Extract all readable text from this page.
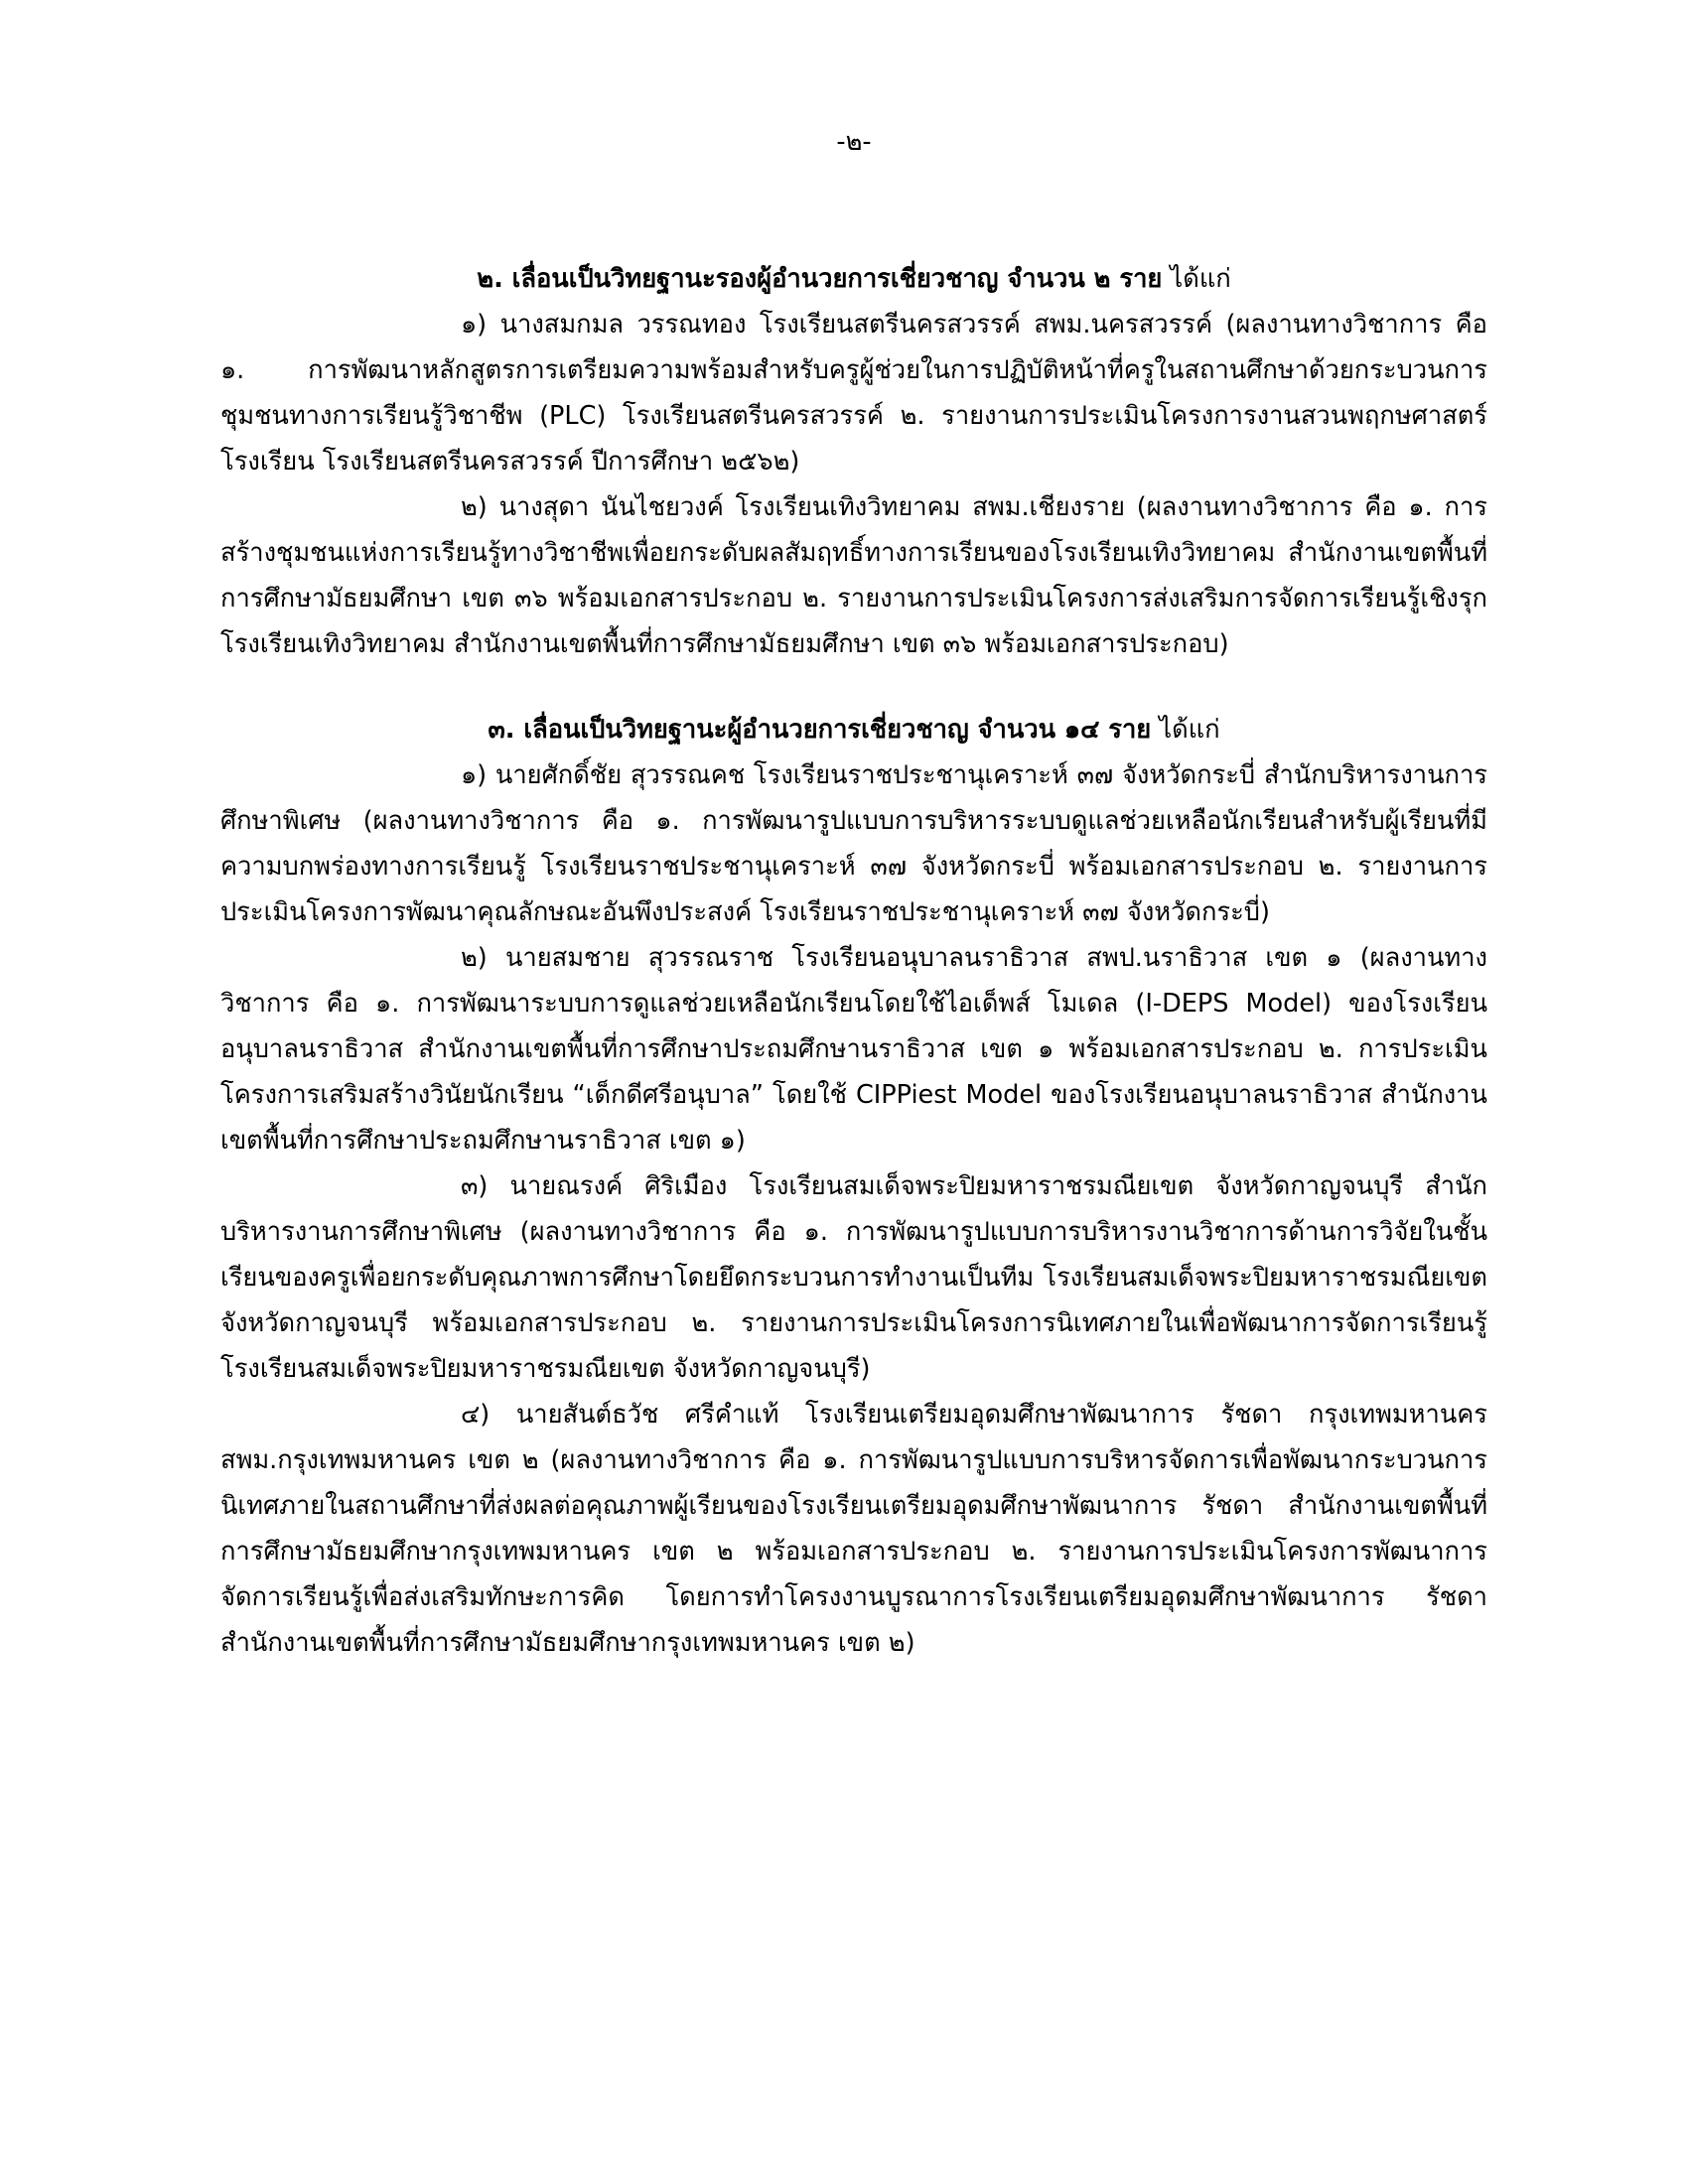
-๒-
๒. เลื่อนเป็นวิทยฐานะรองผู้อำนวยการเชี่ยวชาญ จำนวน ๒ ราย ได้แก่

๑) นางสมกมล วรรณทอง โรงเรียนสตรีนครสวรรค์ สพม.นครสวรรค์ (ผลงานทางวิชาการ คือ ๑. การพัฒนาหลักสูตรการเตรียมความพร้อมสำหรับครูผู้ช่วยในการปฏิบัติหน้าที่ครูในสถานศึกษาด้วยกระบวนการชุมชนทางการเรียนรู้วิชาชีพ (PLC) โรงเรียนสตรีนครสวรรค์ ๒. รายงานการประเมินโครงการงานสวนพฤกษศาสตร์โรงเรียน โรงเรียนสตรีนครสวรรค์ ปีการศึกษา ๒๕๖๒)

๒) นางสุดา นันไชยวงค์ โรงเรียนเทิงวิทยาคม สพม.เชียงราย (ผลงานทางวิชาการ คือ ๑. การสร้างชุมชนแห่งการเรียนรู้ทางวิชาชีพเพื่อยกระดับผลสัมฤทธิ์ทางการเรียนของโรงเรียนเทิงวิทยาคม สำนักงานเขตพื้นที่การศึกษามัธยมศึกษา เขต ๓๖ พร้อมเอกสารประกอบ ๒. รายงานการประเมินโครงการส่งเสริมการจัดการเรียนรู้เชิงรุกโรงเรียนเทิงวิทยาคม สำนักงานเขตพื้นที่การศึกษามัธยมศึกษา เขต ๓๖ พร้อมเอกสารประกอบ)

๓. เลื่อนเป็นวิทยฐานะผู้อำนวยการเชี่ยวชาญ จำนวน ๑๔ ราย ได้แก่

๑) นายศักดิ์ชัย สุวรรณคช โรงเรียนราชประชานุเคราะห์ ๓๗ จังหวัดกระบี่ สำนักบริหารงานการศึกษาพิเศษ (ผลงานทางวิชาการ คือ ๑. การพัฒนารูปแบบการบริหารระบบดูแลช่วยเหลือนักเรียนสำหรับผู้เรียนที่มีความบกพร่องทางการเรียนรู้ โรงเรียนราชประชานุเคราะห์ ๓๗ จังหวัดกระบี่ พร้อมเอกสารประกอบ ๒. รายงานการประเมินโครงการพัฒนาคุณลักษณะอันพึงประสงค์ โรงเรียนราชประชานุเคราะห์ ๓๗ จังหวัดกระบี่)

๒) นายสมชาย สุวรรณราช โรงเรียนอนุบาลนราธิวาส สพป.นราธิวาส เขต ๑ (ผลงานทางวิชาการ คือ ๑. การพัฒนาระบบการดูแลช่วยเหลือนักเรียนโดยใช้ไอเด็พส์ โมเดล (I-DEPS Model) ของโรงเรียนอนุบาลนราธิวาส สำนักงานเขตพื้นที่การศึกษาประถมศึกษานราธิวาส เขต ๑ พร้อมเอกสารประกอบ ๒. การประเมินโครงการเสริมสร้างวินัยนักเรียน “เด็กดีศรีอนุบาล” โดยใช้ CIPPiest Model ของโรงเรียนอนุบาลนราธิวาส สำนักงานเขตพื้นที่การศึกษาประถมศึกษานราธิวาส เขต ๑)

๓) นายณรงค์ ศิริเมือง โรงเรียนสมเด็จพระปิยมหาราชรมณียเขต จังหวัดกาญจนบุรี สำนักบริหารงานการศึกษาพิเศษ (ผลงานทางวิชาการ คือ ๑. การพัฒนารูปแบบการบริหารงานวิชาการด้านการวิจัยในชั้นเรียนของครูเพื่อยกระดับคุณภาพการศึกษาโดยยึดกระบวนการทำงานเป็นทีม โรงเรียนสมเด็จพระปิยมหาราชรมณียเขต จังหวัดกาญจนบุรี พร้อมเอกสารประกอบ ๒. รายงานการประเมินโครงการนิเทศภายในเพื่อพัฒนาการจัดการเรียนรู้ โรงเรียนสมเด็จพระปิยมหาราชรมณียเขต จังหวัดกาญจนบุรี)

๔) นายสันต์ธวัช ศรีคำแท้ โรงเรียนเตรียมอุดมศึกษาพัฒนาการ รัชดา กรุงเทพมหานคร สพม.กรุงเทพมหานคร เขต ๒ (ผลงานทางวิชาการ คือ ๑. การพัฒนารูปแบบการบริหารจัดการเพื่อพัฒนากระบวนการนิเทศภายในสถานศึกษาที่ส่งผลต่อคุณภาพผู้เรียนของโรงเรียนเตรียมอุดมศึกษาพัฒนาการ รัชดา สำนักงานเขตพื้นที่การศึกษามัธยมศึกษากรุงเทพมหานคร เขต ๒ พร้อมเอกสารประกอบ ๒. รายงานการประเมินโครงการพัฒนาการจัดการเรียนรู้เพื่อส่งเสริมทักษะการคิด โดยการทำโครงงานบูรณาการโรงเรียนเตรียมอุดมศึกษาพัฒนาการ รัชดา สำนักงานเขตพื้นที่การศึกษามัธยมศึกษากรุงเทพมหานคร เขต ๒)
